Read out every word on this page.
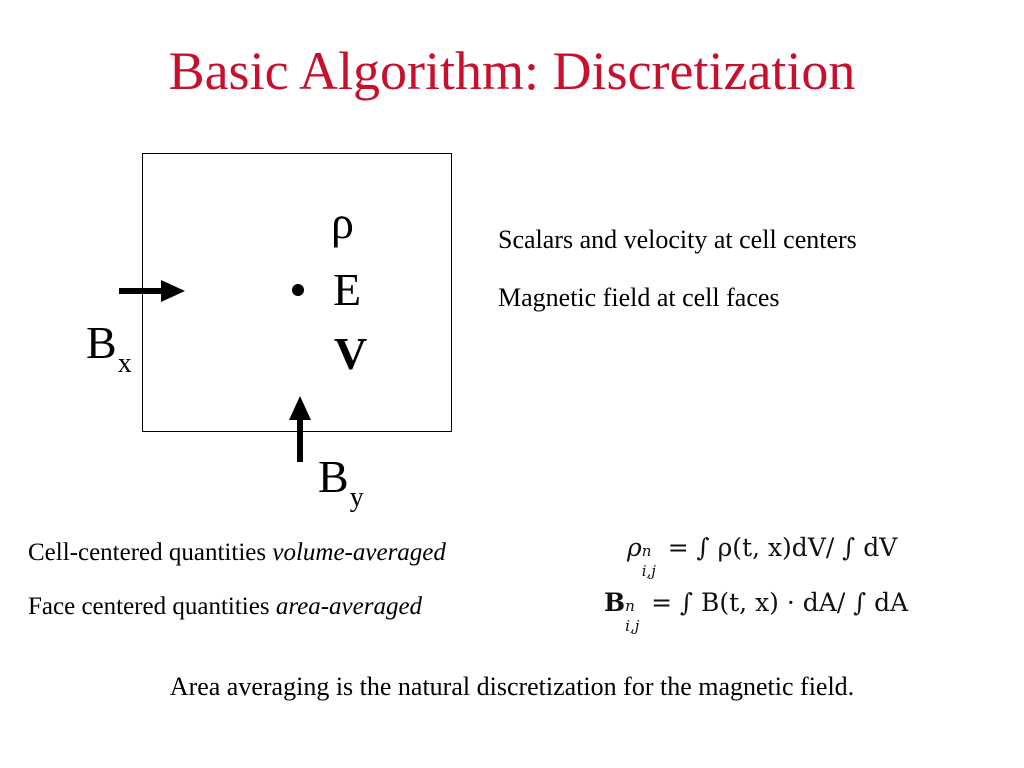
Basic Algorithm: Discretization
ρ
E
V
$B_x$
$B_y$
Scalars and velocity at cell centers
Magnetic field at cell faces
Cell-centered quantities volume-averaged
Face centered quantities area-averaged
ρ n
i,j
= ∫ ρ(t, x)dV/ ∫ dV
B n
i,j
= ∫ B(t, x) · dA/ ∫ dA
Area averaging is the natural discretization for the magnetic field.
